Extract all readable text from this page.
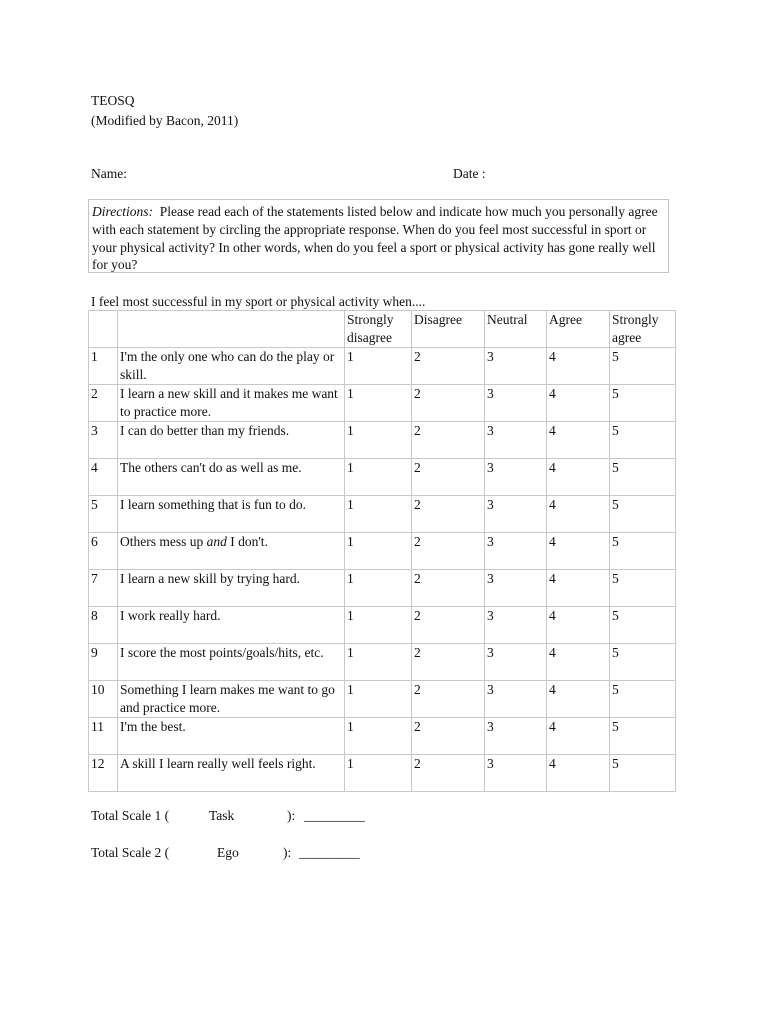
TEOSQ
(Modified by Bacon, 2011)
Name:	Date :
Directions: Please read each of the statements listed below and indicate how much you personally agree with each statement by circling the appropriate response. When do you feel most successful in sport or your physical activity? In other words, when do you feel a sport or physical activity has gone really well for you?
I feel most successful in my sport or physical activity when....
		Strongly disagree	Disagree	Neutral	Agree	Strongly agree
1	I'm the only one who can do the play or skill.	1	2	3	4	5
2	I learn a new skill and it makes me want to practice more.	1	2	3	4	5
3	I can do better than my friends.	1	2	3	4	5
4	The others can't do as well as me.	1	2	3	4	5
5	I learn something that is fun to do.	1	2	3	4	5
6	Others mess up and I don't.	1	2	3	4	5
7	I learn a new skill by trying hard.	1	2	3	4	5
8	I work really hard.	1	2	3	4	5
9	I score the most points/goals/hits, etc.	1	2	3	4	5
10	Something I learn makes me want to go and practice more.	1	2	3	4	5
11	I'm the best.	1	2	3	4	5
12	A skill I learn really well feels right.	1	2	3	4	5
Total Scale 1 (	Task	): _________
Total Scale 2 (	Ego	): _________
